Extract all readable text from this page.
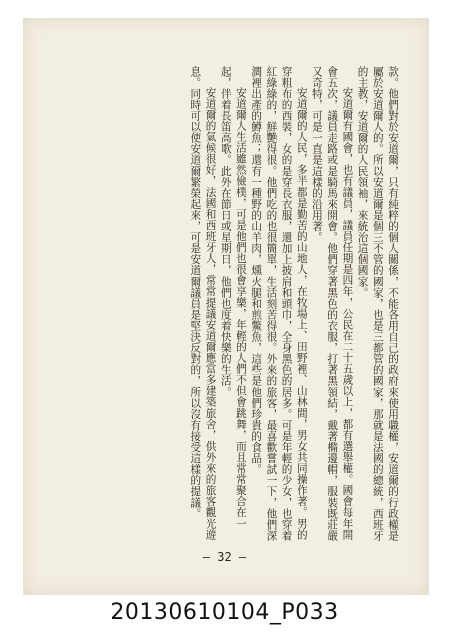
款。他們對於安道爾，只有純粹的個人關係，不能各用自己的政府來使用職權，安道爾的行政權是屬於安道爾人的。所以安道爾是個三不管的國家，也是三都管的國家，那就是法國的總統，西班牙的主教，安道爾的人民領袖，來統治這個國家。

安道爾有國會，也有議員，議員任期是四年，公民在二十五歲以上，都有選舉權。國會每年開會五次，議員走路或是騎馬來開會。他們穿著黑色的衣服，打著黑領結，戴著橢邊帽，服裝既莊嚴又奇特，可是一直是這樣的沿用著。

安道爾的人民，多半都是勤苦的山地人，在牧場上、田野裡、山林間，男女共同操作著。男的穿粗布的西裝，女的是穿長衣服，還加上披肩和頭巾，全身黑色的居多。可是年輕的少女，也穿着紅綠綠的，鮮艷得很。他們吃的也很簡單，生活刻苦得很。外來的旅客，最喜歡嘗試一下，他們深澗裡出產的鱒魚；還有一種野的山羊肉，燻火腿和煎鱉魚，這些是他們珍貴的食品。

安道爾人生活雖然儉樸，可是他們也很會享樂，年輕的人們不但會跳舞，而且常常聚合在一起，伴着長笛高歌。此外在節日或星期日，他們也度着快樂的生活。

安道爾的氣候很好，法國和西班牙人，常常提議安道爾應當多建築旅舍，供外來的旅客觀光遊息。同時可以使安道爾繁榮起來，可是安道爾議員是堅決反對的，所以沒有接受這樣的提議。

— 32 —
20130610104_P033
